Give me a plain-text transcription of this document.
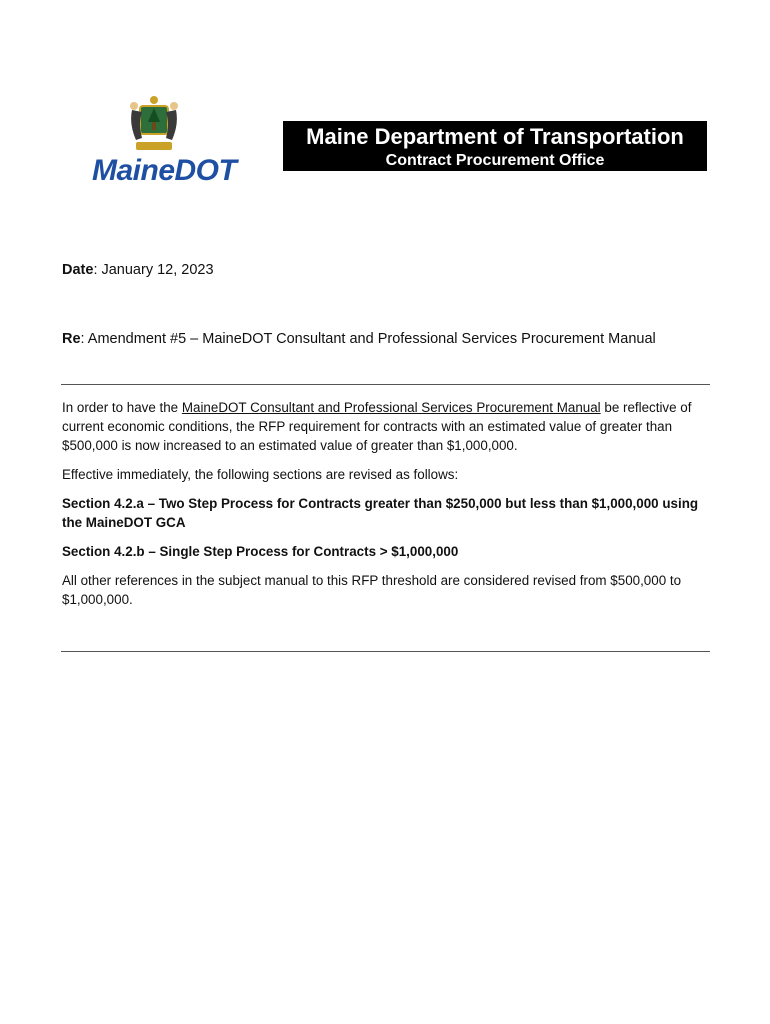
MaineDOT
Maine Department of Transportation
Contract Procurement Office
Date: January 12, 2023
Re: Amendment #5 – MaineDOT Consultant and Professional Services Procurement Manual

In order to have the MaineDOT Consultant and Professional Services Procurement Manual be reflective of current economic conditions, the RFP requirement for contracts with an estimated value of greater than $500,000 is now increased to an estimated value of greater than $1,000,000.

Effective immediately, the following sections are revised as follows:

Section 4.2.a – Two Step Process for Contracts greater than $250,000 but less than $1,000,000 using the MaineDOT GCA

Section 4.2.b – Single Step Process for Contracts > $1,000,000

All other references in the subject manual to this RFP threshold are considered revised from $500,000 to $1,000,000.
